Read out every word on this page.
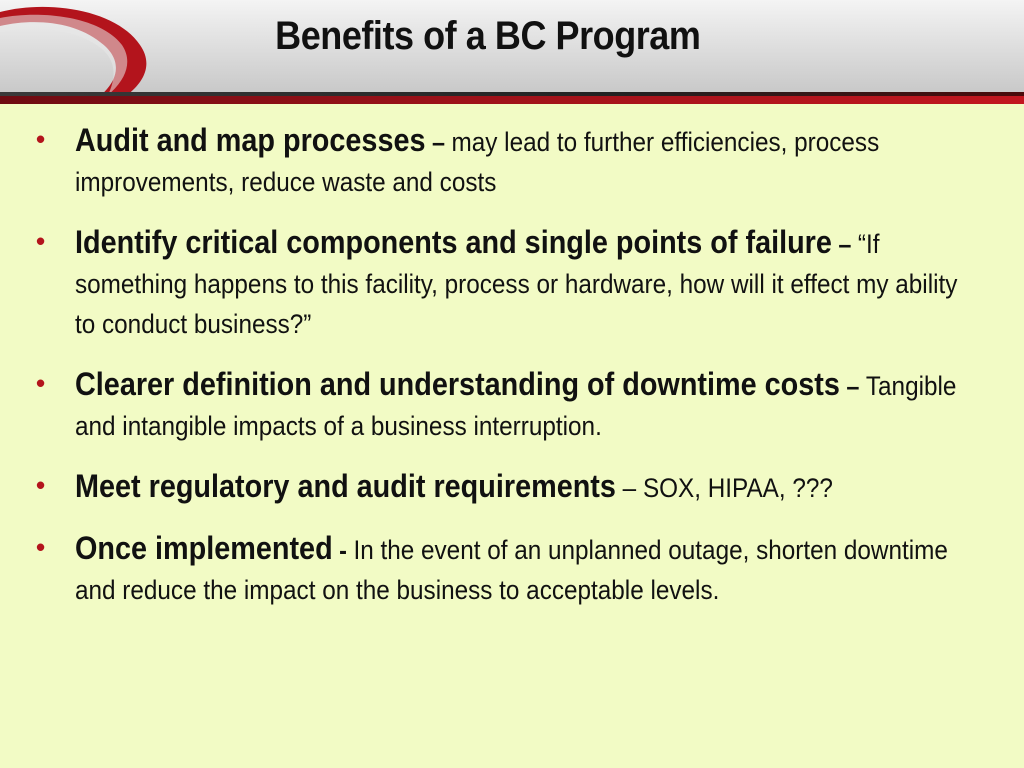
Benefits of a BC Program
• Audit and map processes – may lead to further efficiencies, process improvements, reduce waste and costs
• Identify critical components and single points of failure – “If something happens to this facility, process or hardware, how will it effect my ability to conduct business?”
• Clearer definition and understanding of downtime costs – Tangible and intangible impacts of a business interruption.
• Meet regulatory and audit requirements – SOX, HIPAA, ???
• Once implemented - In the event of an unplanned outage, shorten downtime and reduce the impact on the business to acceptable levels.
